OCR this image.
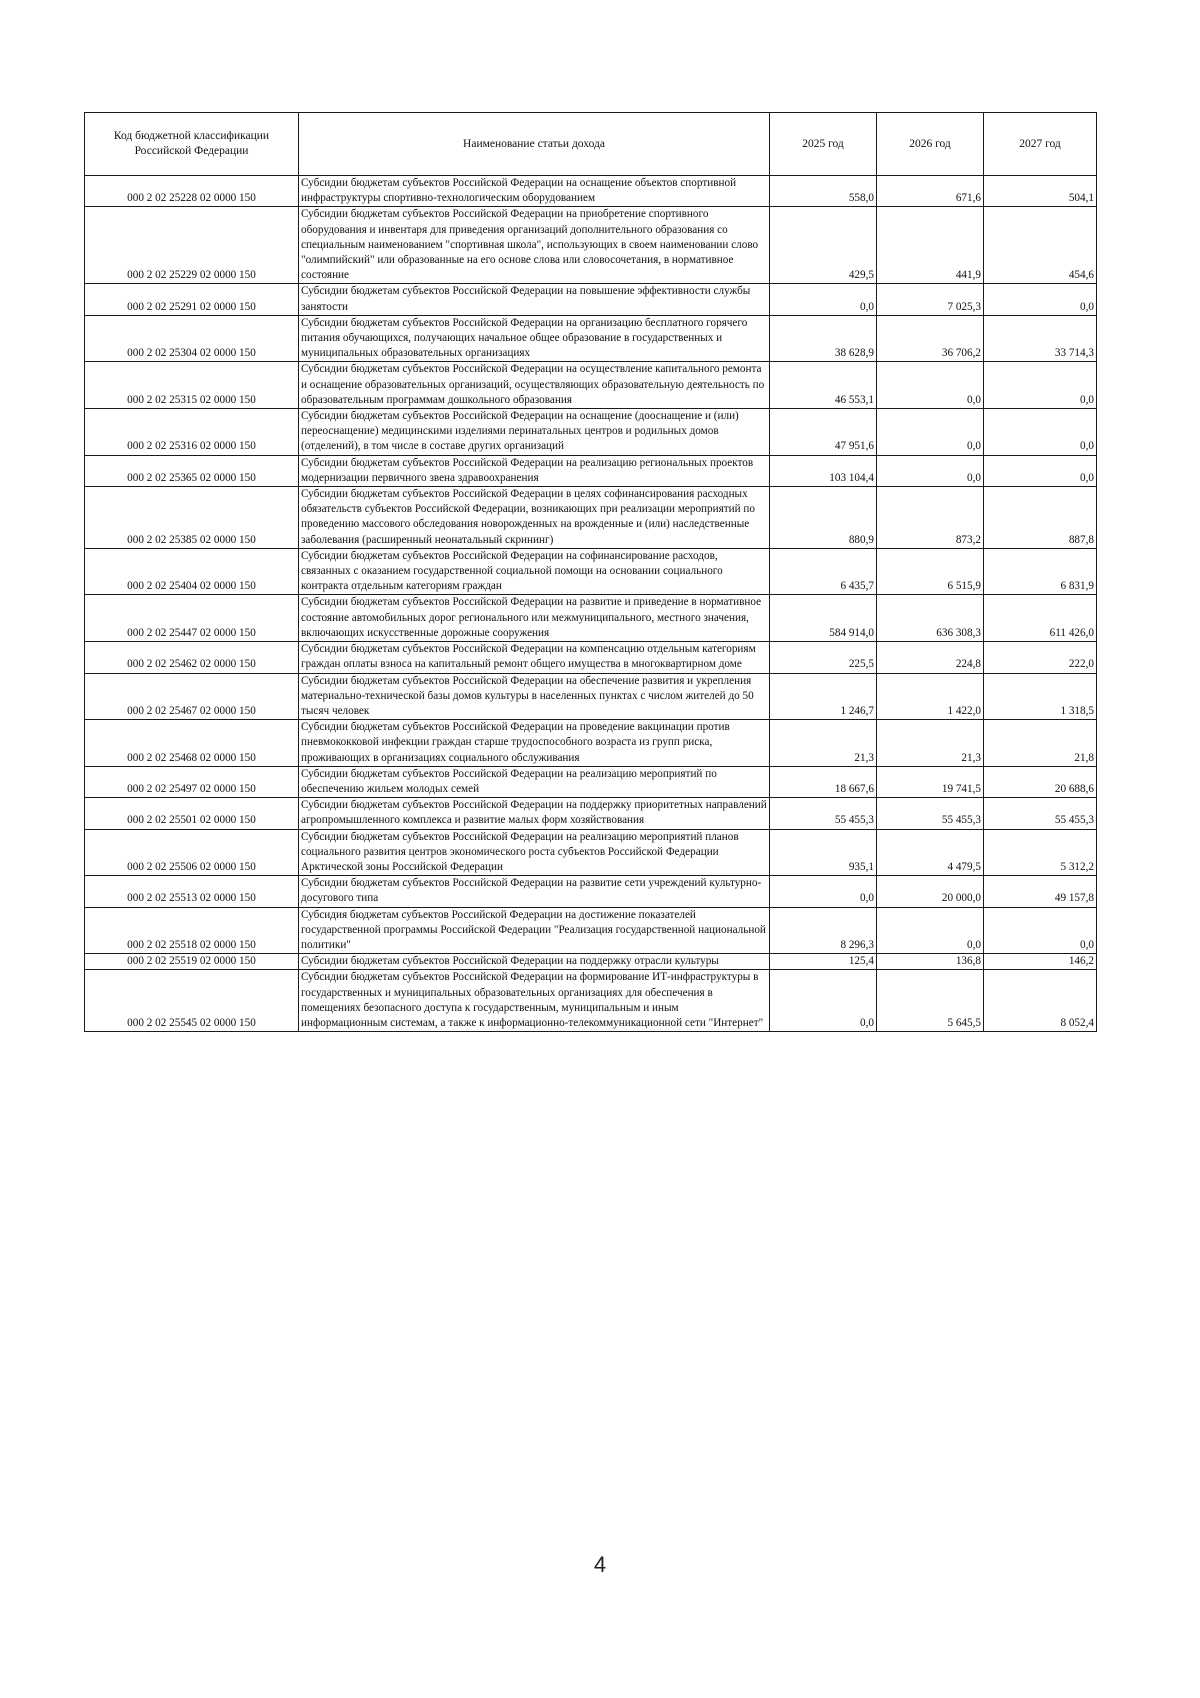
Код бюджетной классификации Российской Федерации	Наименование статьи дохода	2025 год	2026 год	2027 год
000 2 02 25228 02 0000 150	Субсидии бюджетам субъектов Российской Федерации на оснащение объектов спортивной инфраструктуры спортивно-технологическим оборудованием	558,0	671,6	504,1
000 2 02 25229 02 0000 150	Субсидии бюджетам субъектов Российской Федерации на приобретение спортивного оборудования и инвентаря для приведения организаций дополнительного образования со специальным наименованием "спортивная школа", использующих в своем наименовании слово "олимпийский" или образованные на его основе слова или словосочетания, в нормативное состояние	429,5	441,9	454,6
000 2 02 25291 02 0000 150	Субсидии бюджетам субъектов Российской Федерации на повышение эффективности службы занятости	0,0	7 025,3	0,0
000 2 02 25304 02 0000 150	Субсидии бюджетам субъектов Российской Федерации на организацию бесплатного горячего питания обучающихся, получающих начальное общее образование в государственных и муниципальных образовательных организациях	38 628,9	36 706,2	33 714,3
000 2 02 25315 02 0000 150	Субсидии бюджетам субъектов Российской Федерации на осуществление капитального ремонта и оснащение образовательных организаций, осуществляющих образовательную деятельность по образовательным программам дошкольного образования	46 553,1	0,0	0,0
000 2 02 25316 02 0000 150	Субсидии бюджетам субъектов Российской Федерации на оснащение (дооснащение и (или) переоснащение) медицинскими изделиями перинатальных центров и родильных домов (отделений), в том числе в составе других организаций	47 951,6	0,0	0,0
000 2 02 25365 02 0000 150	Субсидии бюджетам субъектов Российской Федерации на реализацию региональных проектов модернизации первичного звена здравоохранения	103 104,4	0,0	0,0
000 2 02 25385 02 0000 150	Субсидии бюджетам субъектов Российской Федерации в целях софинансирования расходных обязательств субъектов Российской Федерации, возникающих при реализации мероприятий по проведению массового обследования новорожденных на врожденные и (или) наследственные заболевания (расширенный неонатальный скрининг)	880,9	873,2	887,8
000 2 02 25404 02 0000 150	Субсидии бюджетам субъектов Российской Федерации на софинансирование расходов, связанных с оказанием государственной социальной помощи на основании социального контракта отдельным категориям граждан	6 435,7	6 515,9	6 831,9
000 2 02 25447 02 0000 150	Субсидии бюджетам субъектов Российской Федерации на развитие и приведение в нормативное состояние автомобильных дорог регионального или межмуниципального, местного значения, включающих искусственные дорожные сооружения	584 914,0	636 308,3	611 426,0
000 2 02 25462 02 0000 150	Субсидии бюджетам субъектов Российской Федерации на компенсацию отдельным категориям граждан оплаты взноса на капитальный ремонт общего имущества в многоквартирном доме	225,5	224,8	222,0
000 2 02 25467 02 0000 150	Субсидии бюджетам субъектов Российской Федерации на обеспечение развития и укрепления материально-технической базы домов культуры в населенных пунктах с числом жителей до 50 тысяч человек	1 246,7	1 422,0	1 318,5
000 2 02 25468 02 0000 150	Субсидии бюджетам субъектов Российской Федерации на проведение вакцинации против пневмококковой инфекции граждан старше трудоспособного возраста из групп риска, проживающих в организациях социального обслуживания	21,3	21,3	21,8
000 2 02 25497 02 0000 150	Субсидии бюджетам субъектов Российской Федерации на реализацию мероприятий по обеспечению жильем молодых семей	18 667,6	19 741,5	20 688,6
000 2 02 25501 02 0000 150	Субсидии бюджетам субъектов Российской Федерации на поддержку приоритетных направлений агропромышленного комплекса и развитие малых форм хозяйствования	55 455,3	55 455,3	55 455,3
000 2 02 25506 02 0000 150	Субсидии бюджетам субъектов Российской Федерации на реализацию мероприятий планов социального развития центров экономического роста субъектов Российской Федерации Арктической зоны Российской Федерации	935,1	4 479,5	5 312,2
000 2 02 25513 02 0000 150	Субсидии бюджетам субъектов Российской Федерации на развитие сети учреждений культурно-досугового типа	0,0	20 000,0	49 157,8
000 2 02 25518 02 0000 150	Субсидия бюджетам субъектов Российской Федерации на достижение показателей государственной программы Российской Федерации "Реализация государственной национальной политики"	8 296,3	0,0	0,0
000 2 02 25519 02 0000 150	Субсидии бюджетам субъектов Российской Федерации на поддержку отрасли культуры	125,4	136,8	146,2
000 2 02 25545 02 0000 150	Субсидии бюджетам субъектов Российской Федерации на формирование ИТ-инфраструктуры в государственных и муниципальных образовательных организациях для обеспечения в помещениях безопасного доступа к государственным, муниципальным и иным информационным системам, а также к информационно-телекоммуникационной сети "Интернет"	0,0	5 645,5	8 052,4
4
